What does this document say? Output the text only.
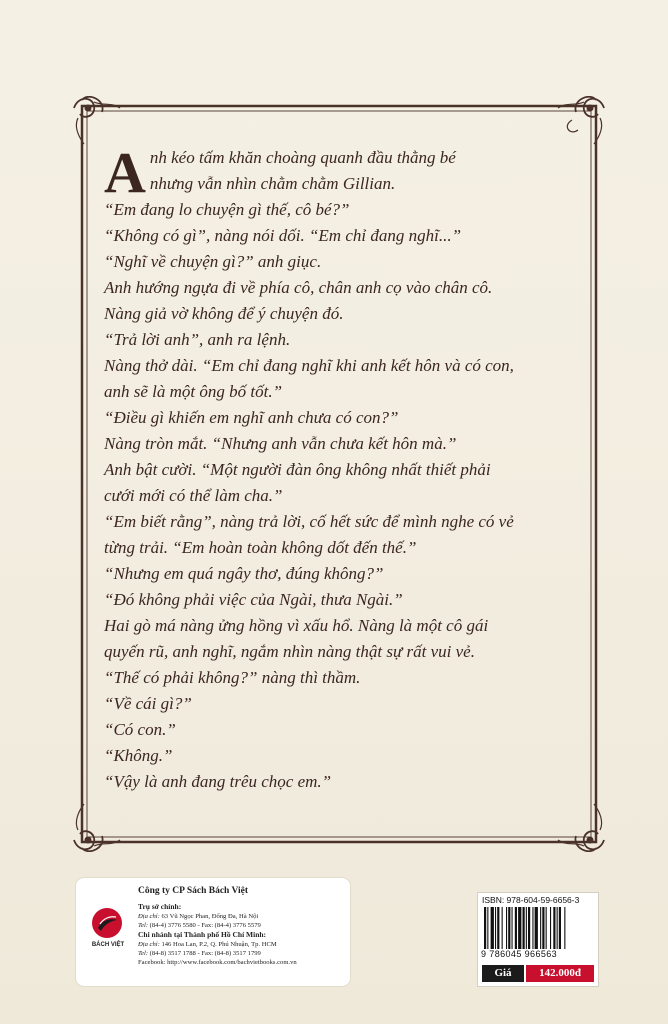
A nh kéo tấm khăn choàng quanh đầu thằng bé

nhưng vẫn nhìn chằm chằm Gillian.

“Em đang lo chuyện gì thế, cô bé?”

“Không có gì”, nàng nói dối. “Em chỉ đang nghĩ...”

“Nghĩ về chuyện gì?” anh giục.

Anh hướng ngựa đi về phía cô, chân anh cọ vào chân cô.

Nàng giả vờ không để ý chuyện đó.

“Trả lời anh”, anh ra lệnh.

Nàng thở dài. “Em chỉ đang nghĩ khi anh kết hôn và có con,

anh sẽ là một ông bố tốt.”

“Điều gì khiến em nghĩ anh chưa có con?”

Nàng tròn mắt. “Nhưng anh vẫn chưa kết hôn mà.”

Anh bật cười. “Một người đàn ông không nhất thiết phải

cưới mới có thể làm cha.”

“Em biết rằng”, nàng trả lời, cố hết sức để mình nghe có vẻ

từng trải. “Em hoàn toàn không dốt đến thế.”

“Nhưng em quá ngây thơ, đúng không?”

“Đó không phải việc của Ngài, thưa Ngài.”

Hai gò má nàng ửng hồng vì xấu hổ. Nàng là một cô gái

quyến rũ, anh nghĩ, ngắm nhìn nàng thật sự rất vui vẻ.

“Thế có phải không?” nàng thì thầm.

“Về cái gì?”

“Có con.”

“Không.”

“Vậy là anh đang trêu chọc em.”

BÁCH VIỆT
Công ty CP Sách Bách Việt
Trụ sở chính:
Địa chỉ: 63 Vũ Ngọc Phan, Đống Đa, Hà Nội
Tel: (84-4) 3776 5580 - Fax: (84-4) 3776 5579
Chi nhánh tại Thành phố Hồ Chí Minh:
Địa chỉ: 146 Hoa Lan, P.2, Q. Phú Nhuận, Tp. HCM
Tel: (84-8) 3517 1788 - Fax: (84-8) 3517 1799
Facebook: http://www.facebook.com/bachvietbooks.com.vn
ISBN: 978-604-59-6656-3
9 786045 966563
Giá	142.000đ
